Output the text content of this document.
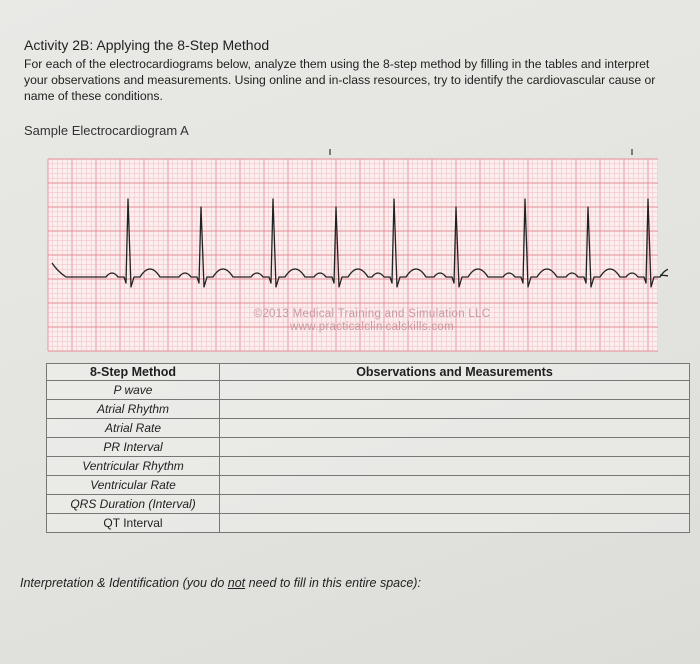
Activity 2B: Applying the 8-Step Method
For each of the electrocardiograms below, analyze them using the 8-step method by filling in the tables and interpret your observations and measurements. Using online and in-class resources, try to identify the cardiovascular cause or name of these conditions.
Sample Electrocardiogram A
©2013 Medical Training and Simulation LLC
www.practicalclinicalskills.com
8-Step Method	Observations and Measurements
P wave	
Atrial Rhythm	
Atrial Rate	
PR Interval	
Ventricular Rhythm	
Ventricular Rate	
QRS Duration (Interval)	
QT Interval	
Interpretation & Identification (you do not need to fill in this entire space):
